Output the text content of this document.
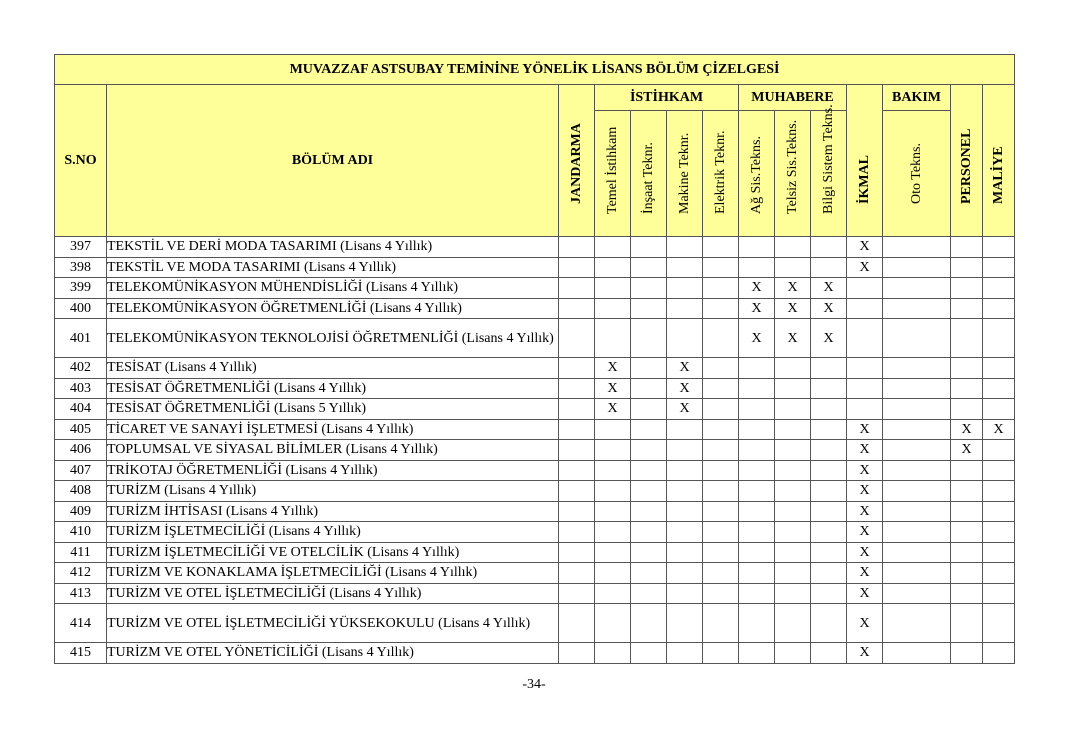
MUVAZZAF ASTSUBAY TEMİNİNE YÖNELİK LİSANS BÖLÜM ÇİZELGESİ													
S.NO	BÖLÜM ADI	JANDARMA	İSTİHKAM				MUHABERE			İKMAL	BAKIM	PERSONEL	MALİYE

			Temel İstihkam	İnşaat Teknr.	Makine Teknr.	Elektrik Teknr.	Ağ Sis.Tekns.	Telsiz Sis.Tekns.	Bilgi Sistem Tekns.		Oto Tekns.		

397	TEKSTİL VE DERİ MODA TASARIMI (Lisans 4 Yıllık)									X			
398	TEKSTİL VE MODA TASARIMI (Lisans 4 Yıllık)									X			
399	TELEKOMÜNİKASYON MÜHENDİSLİĞİ (Lisans 4 Yıllık)						X	X	X				
400	TELEKOMÜNİKASYON ÖĞRETMENLİĞİ (Lisans 4 Yıllık)						X	X	X				
401	TELEKOMÜNİKASYON TEKNOLOJİSİ ÖĞRETMENLİĞİ (Lisans 4 Yıllık)						X	X	X				
402	TESİSAT (Lisans 4 Yıllık)		X		X								
403	TESİSAT ÖĞRETMENLİĞİ (Lisans 4 Yıllık)		X		X								
404	TESİSAT ÖĞRETMENLİĞİ (Lisans 5 Yıllık)		X		X								
405	TİCARET VE SANAYİ İŞLETMESİ (Lisans 4 Yıllık)									X		X	X
406	TOPLUMSAL VE SİYASAL BİLİMLER (Lisans 4 Yıllık)									X		X	
407	TRİKOTAJ ÖĞRETMENLİĞİ (Lisans 4 Yıllık)									X			
408	TURİZM (Lisans 4 Yıllık)									X			
409	TURİZM İHTİSASI (Lisans 4 Yıllık)									X			
410	TURİZM İŞLETMECİLİĞİ (Lisans 4 Yıllık)									X			
411	TURİZM İŞLETMECİLİĞİ VE OTELCİLİK (Lisans 4 Yıllık)									X			
412	TURİZM VE KONAKLAMA İŞLETMECİLİĞİ (Lisans 4 Yıllık)									X			
413	TURİZM VE OTEL İŞLETMECİLİĞİ (Lisans 4 Yıllık)									X			
414	TURİZM VE OTEL İŞLETMECİLİĞİ YÜKSEKOKULU (Lisans 4 Yıllık)									X			
415	TURİZM VE OTEL YÖNETİCİLİĞİ (Lisans 4 Yıllık)									X			
-34-
